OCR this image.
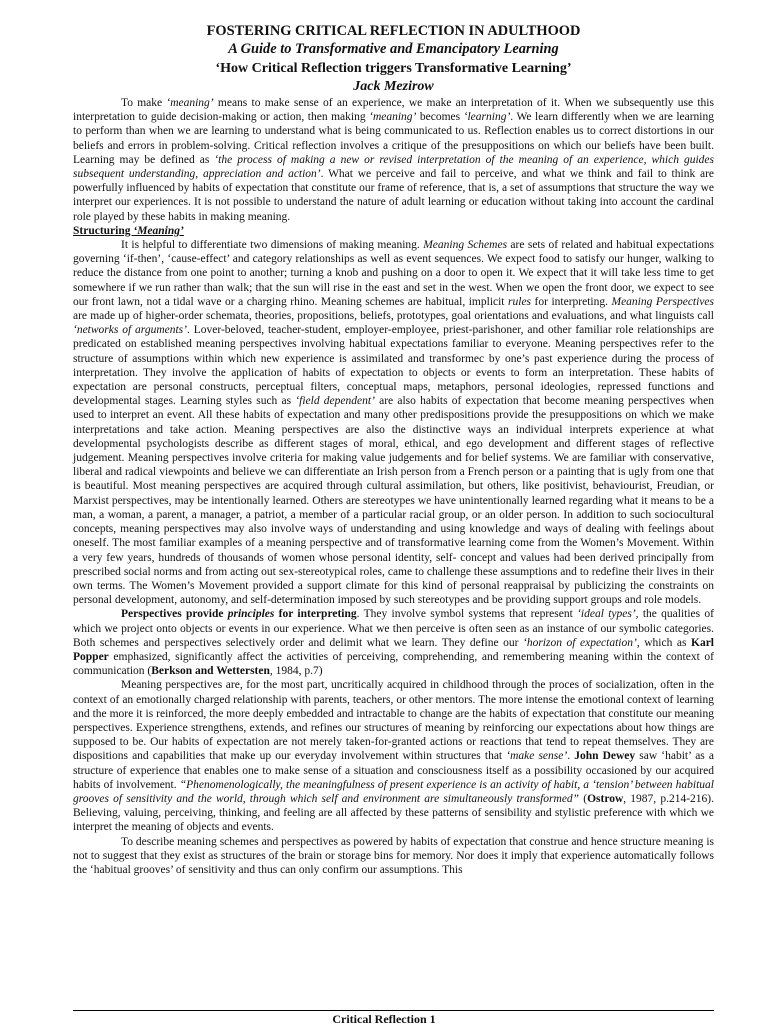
FOSTERING CRITICAL REFLECTION IN ADULTHOOD
A Guide to Transformative and Emancipatory Learning
‘How Critical Reflection triggers Transformative Learning’
Jack Mezirow

To make ‘meaning’ means to make sense of an experience, we make an interpretation of it. When we subsequently use this interpretation to guide decision-making or action, then making ‘meaning’ becomes ‘learning’. We learn differently when we are learning to perform than when we are learning to understand what is being communicated to us. Reflection enables us to correct distortions in our beliefs and errors in problem-solving. Critical reflection involves a critique of the presuppositions on which our beliefs have been built. Learning may be defined as ‘the process of making a new or revised interpretation of the meaning of an experience, which guides subsequent understanding, appreciation and action’. What we perceive and fail to perceive, and what we think and fail to think are powerfully influenced by habits of expectation that constitute our frame of reference, that is, a set of assumptions that structure the way we interpret our experiences. It is not possible to understand the nature of adult learning or education without taking into account the cardinal role played by these habits in making meaning.

Structuring ‘Meaning’

It is helpful to differentiate two dimensions of making meaning. Meaning Schemes are sets of related and habitual expectations governing ‘if-then’, ‘cause-effect’ and category relationships as well as event sequences. We expect food to satisfy our hunger, walking to reduce the distance from one point to another; turning a knob and pushing on a door to open it. We expect that it will take less time to get somewhere if we run rather than walk; that the sun will rise in the east and set in the west. When we open the front door, we expect to see our front lawn, not a tidal wave or a charging rhino. Meaning schemes are habitual, implicit rules for interpreting. Meaning Perspectives are made up of higher-order schemata, theories, propositions, beliefs, prototypes, goal orientations and evaluations, and what linguists call ‘networks of arguments’. Lover-beloved, teacher-student, employer-employee, priest-parishoner, and other familiar role relationships are predicated on established meaning perspectives involving habitual expectations familiar to everyone. Meaning perspectives refer to the structure of assumptions within which new experience is assimilated and transformec by one’s past experience during the process of interpretation. They involve the application of habits of expectation to objects or events to form an interpretation. These habits of expectation are personal constructs, perceptual filters, conceptual maps, metaphors, personal ideologies, repressed functions and developmental stages. Learning styles such as ‘field dependent’ are also habits of expectation that become meaning perspectives when used to interpret an event. All these habits of expectation and many other predispositions provide the presuppositions on which we make interpretations and take action. Meaning perspectives are also the distinctive ways an individual interprets experience at what developmental psychologists describe as different stages of moral, ethical, and ego development and different stages of reflective judgement. Meaning perspectives involve criteria for making value judgements and for belief systems. We are familiar with conservative, liberal and radical viewpoints and believe we can differentiate an Irish person from a French person or a painting that is ugly from one that is beautiful. Most meaning perspectives are acquired through cultural assimilation, but others, like positivist, behaviourist, Freudian, or Marxist perspectives, may be intentionally learned. Others are stereotypes we have unintentionally learned regarding what it means to be a man, a woman, a parent, a manager, a patriot, a member of a particular racial group, or an older person. In addition to such sociocultural concepts, meaning perspectives may also involve ways of understanding and using knowledge and ways of dealing with feelings about oneself. The most familiar examples of a meaning perspective and of transformative learning come from the Women’s Movement. Within a very few years, hundreds of thousands of women whose personal identity, self- concept and values had been derived principally from prescribed social norms and from acting out sex-stereotypical roles, came to challenge these assumptions and to redefine their lives in their own terms. The Women’s Movement provided a support climate for this kind of personal reappraisal by publicizing the constraints on personal development, autonomy, and self-determination imposed by such stereotypes and be providing support groups and role models.

Perspectives provide principles for interpreting. They involve symbol systems that represent ‘ideal types’, the qualities of which we project onto objects or events in our experience. What we then perceive is often seen as an instance of our symbolic categories. Both schemes and perspectives selectively order and delimit what we learn. They define our ‘horizon of expectation’, which as Karl Popper emphasized, significantly affect the activities of perceiving, comprehending, and remembering meaning within the context of communication (Berkson and Wettersten, 1984, p.7)

Meaning perspectives are, for the most part, uncritically acquired in childhood through the proces of socialization, often in the context of an emotionally charged relationship with parents, teachers, or other mentors. The more intense the emotional context of learning and the more it is reinforced, the more deeply embedded and intractable to change are the habits of expectation that constitute our meaning perspectives. Experience strengthens, extends, and refines our structures of meaning by reinforcing our expectations about how things are supposed to be. Our habits of expectation are not merely taken-for-granted actions or reactions that tend to repeat themselves. They are dispositions and capabilities that make up our everyday involvement within structures that ‘make sense’. John Dewey saw ‘habit’ as a structure of experience that enables one to make sense of a situation and consciousness itself as a possibility occasioned by our acquired habits of involvement. “Phenomenologically, the meaningfulness of present experience is an activity of habit, a ‘tension’ between habitual grooves of sensitivity and the world, through which self and environment are simultaneously transformed” (Ostrow, 1987, p.214-216). Believing, valuing, perceiving, thinking, and feeling are all affected by these patterns of sensibility and stylistic preference with which we interpret the meaning of objects and events.

To describe meaning schemes and perspectives as powered by habits of expectation that construe and hence structure meaning is not to suggest that they exist as structures of the brain or storage bins for memory. Nor does it imply that experience automatically follows the ‘habitual grooves’ of sensitivity and thus can only confirm our assumptions. This

Critical Reflection 1
